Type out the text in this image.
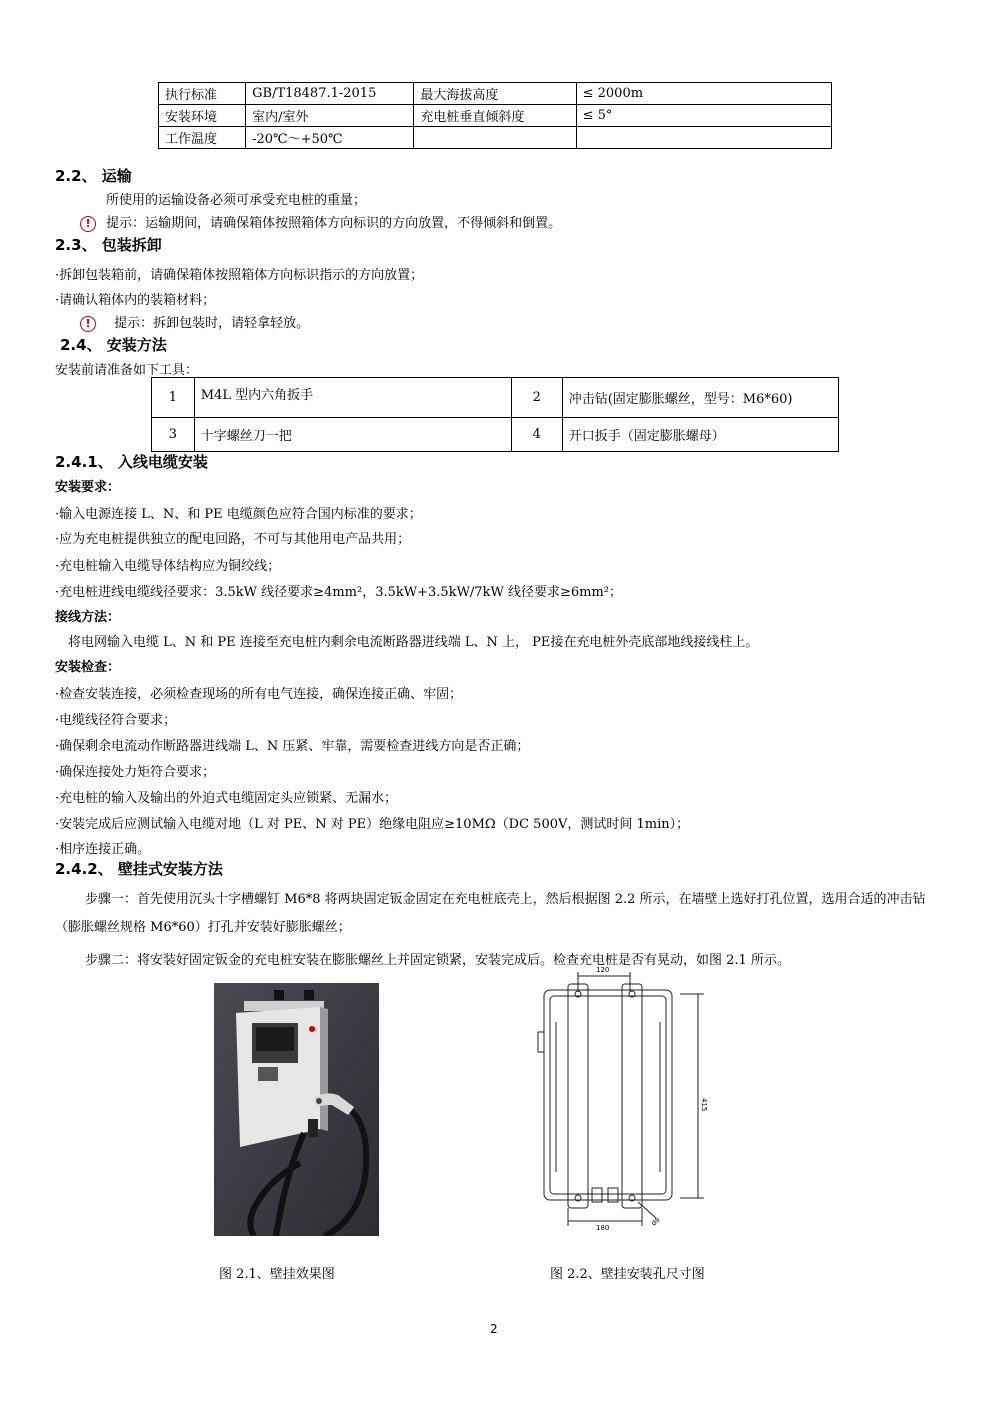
执行标准	GB/T18487.1-2015	最大海拔高度	≤ 2000m
安装环境	室内/室外	充电桩垂直倾斜度	≤ 5°
工作温度	-20℃～+50℃		
2.2、 运输
所使用的运输设备必须可承受充电桩的重量；
! 提示：运输期间，请确保箱体按照箱体方向标识的方向放置，不得倾斜和倒置。
2.3、 包装拆卸
·拆卸包装箱前，请确保箱体按照箱体方向标识指示的方向放置；
·请确认箱体内的装箱材料；
! 提示：拆卸包装时，请轻拿轻放。
2.4、 安装方法
安装前请准备如下工具：
1	M4L 型内六角扳手	2	冲击钻(固定膨胀螺丝，型号：M6*60)
3	十字螺丝刀一把	4	开口扳手（固定膨胀螺母）
2.4.1、 入线电缆安装
安装要求：
·输入电源连接 L、N、和 PE 电缆颜色应符合国内标准的要求；
·应为充电桩提供独立的配电回路，不可与其他用电产品共用；
·充电桩输入电缆导体结构应为铜绞线；
·充电桩进线电缆线径要求：3.5kW 线径要求≥4mm²，3.5kW+3.5kW/7kW 线径要求≥6mm²；
接线方法：
将电网输入电缆 L、N 和 PE 连接至充电桩内剩余电流断路器进线端 L、N 上， PE接在充电桩外壳底部地线接线柱上。
安装检查：
·检查安装连接，必须检查现场的所有电气连接，确保连接正确、牢固；
·电缆线径符合要求；
·确保剩余电流动作断路器进线端 L、N 压紧、牢靠，需要检查进线方向是否正确；
·确保连接处力矩符合要求；
·充电桩的输入及输出的外迫式电缆固定头应锁紧、无漏水；
·安装完成后应测试输入电缆对地（L 对 PE、N 对 PE）绝缘电阻应≥10MΩ（DC 500V，测试时间 1min）；
·相序连接正确。
2.4.2、 壁挂式安装方法
步骤一：首先使用沉头十字槽螺钉 M6*8 将两块固定钣金固定在充电桩底壳上，然后根据图 2.2 所示，在墙壁上选好打孔位置，选用合适的冲击钻（膨胀螺丝规格 M6*60）打孔并安装好膨胀螺丝；
步骤二：将安装好固定钣金的充电桩安装在膨胀螺丝上并固定锁紧，安装完成后。检查充电桩是否有晃动，如图 2.1 所示。
图 2.1、壁挂效果图
120
180
415
Ø8
图 2.2、壁挂安装孔尺寸图
2
